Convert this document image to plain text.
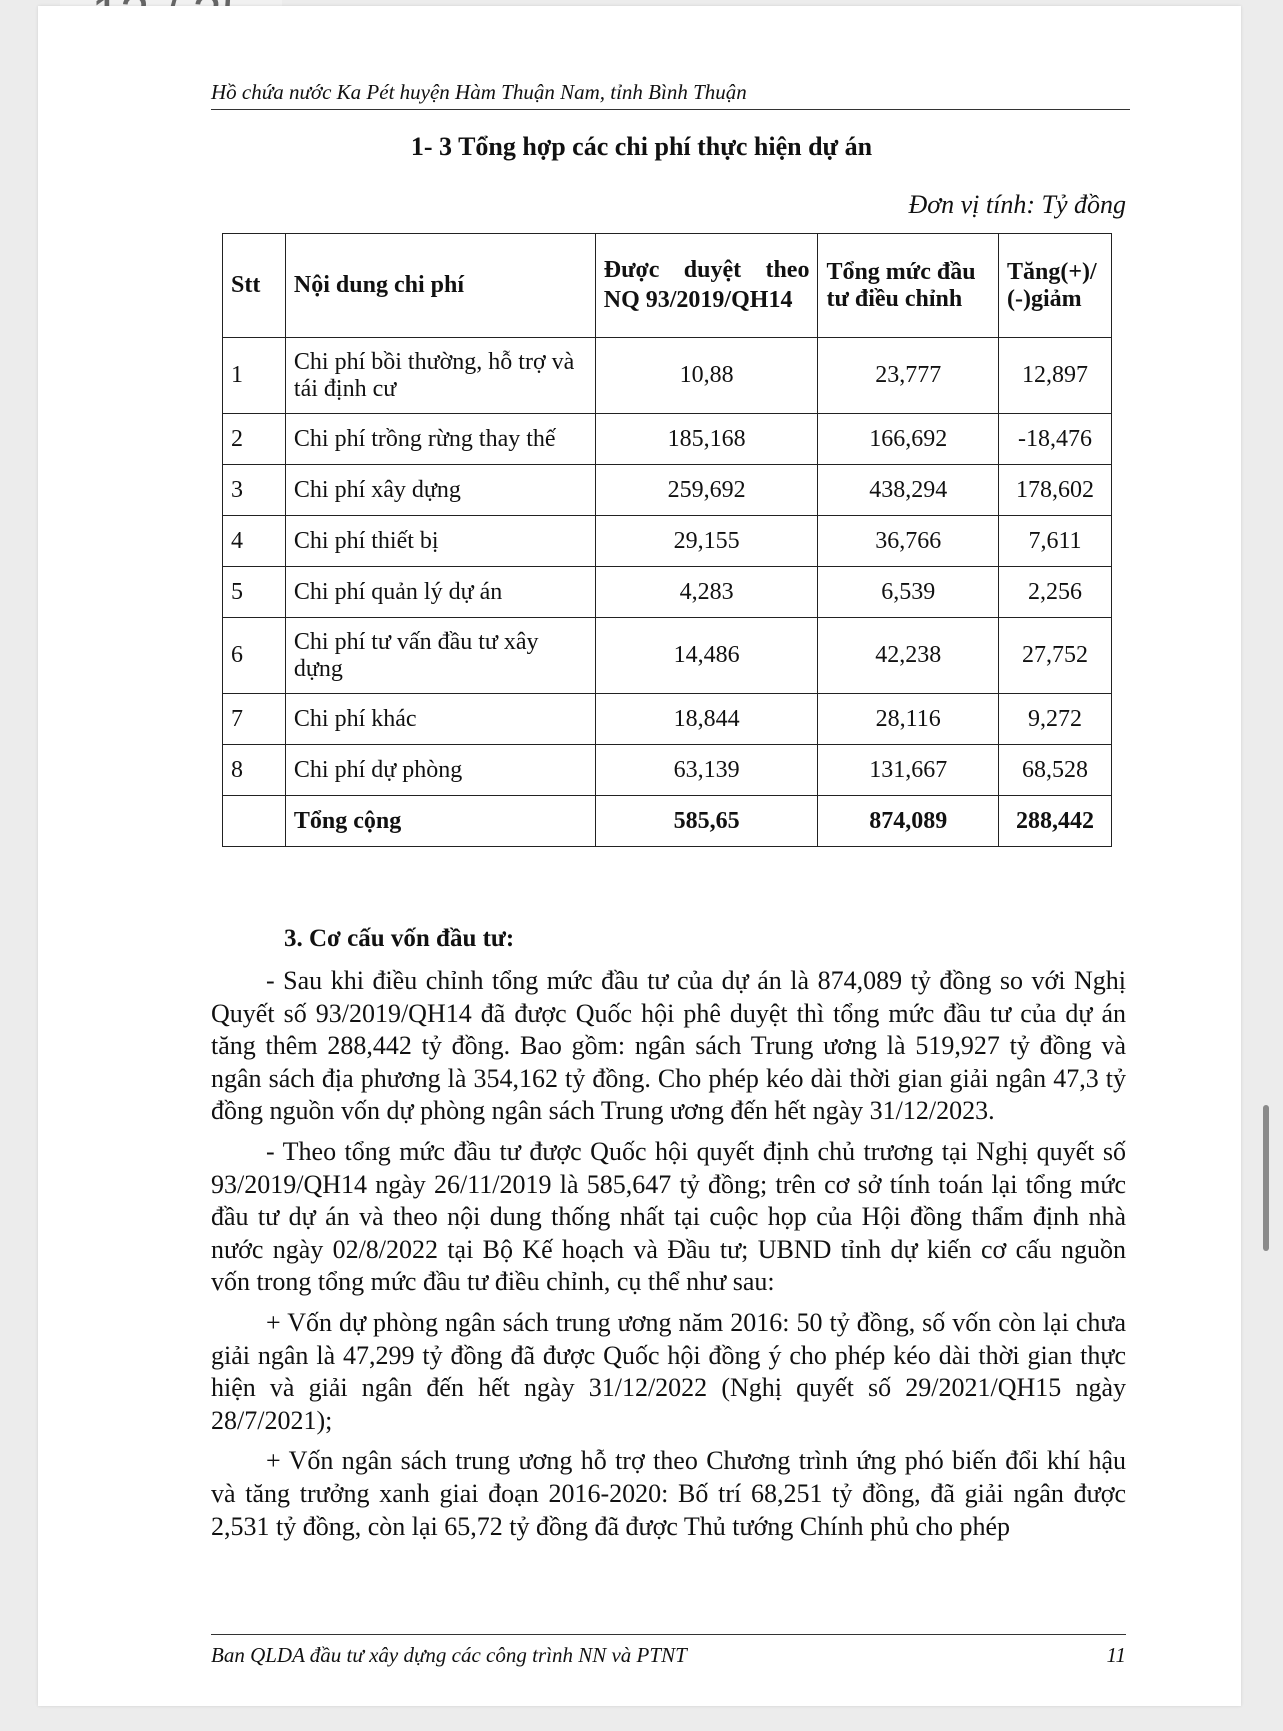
Hồ chứa nước Ka Pét huyện Hàm Thuận Nam, tỉnh Bình Thuận
1- 3 Tổng hợp các chi phí thực hiện dự án
Đơn vị tính: Tỷ đồng
Stt	Nội dung chi phí	Được duyệt theo NQ 93/2019/QH14	Tổng mức đầu tư điều chỉnh	Tăng(+)/ (-)giảm
1	Chi phí bồi thường, hỗ trợ và tái định cư	10,88	23,777	12,897
2	Chi phí trồng rừng thay thế	185,168	166,692	-18,476
3	Chi phí xây dựng	259,692	438,294	178,602
4	Chi phí thiết bị	29,155	36,766	7,611
5	Chi phí quản lý dự án	4,283	6,539	2,256
6	Chi phí tư vấn đầu tư xây dựng	14,486	42,238	27,752
7	Chi phí khác	18,844	28,116	9,272
8	Chi phí dự phòng	63,139	131,667	68,528
	Tổng cộng	585,65	874,089	288,442
3. Cơ cấu vốn đầu tư:

- Sau khi điều chỉnh tổng mức đầu tư của dự án là 874,089 tỷ đồng so với Nghị Quyết số 93/2019/QH14 đã được Quốc hội phê duyệt thì tổng mức đầu tư của dự án tăng thêm 288,442 tỷ đồng. Bao gồm: ngân sách Trung ương là 519,927 tỷ đồng và ngân sách địa phương là 354,162 tỷ đồng. Cho phép kéo dài thời gian giải ngân 47,3 tỷ đồng nguồn vốn dự phòng ngân sách Trung ương đến hết ngày 31/12/2023.

- Theo tổng mức đầu tư được Quốc hội quyết định chủ trương tại Nghị quyết số 93/2019/QH14 ngày 26/11/2019 là 585,647 tỷ đồng; trên cơ sở tính toán lại tổng mức đầu tư dự án và theo nội dung thống nhất tại cuộc họp của Hội đồng thẩm định nhà nước ngày 02/8/2022 tại Bộ Kế hoạch và Đầu tư; UBND tỉnh dự kiến cơ cấu nguồn vốn trong tổng mức đầu tư điều chỉnh, cụ thể như sau:

+ Vốn dự phòng ngân sách trung ương năm 2016: 50 tỷ đồng, số vốn còn lại chưa giải ngân là 47,299 tỷ đồng đã được Quốc hội đồng ý cho phép kéo dài thời gian thực hiện và giải ngân đến hết ngày 31/12/2022 (Nghị quyết số 29/2021/QH15 ngày 28/7/2021);

+ Vốn ngân sách trung ương hỗ trợ theo Chương trình ứng phó biến đổi khí hậu và tăng trưởng xanh giai đoạn 2016-2020: Bố trí 68,251 tỷ đồng, đã giải ngân được 2,531 tỷ đồng, còn lại 65,72 tỷ đồng đã được Thủ tướng Chính phủ cho phép

Ban QLDA đầu tư xây dựng các công trình NN và PTNT	11
